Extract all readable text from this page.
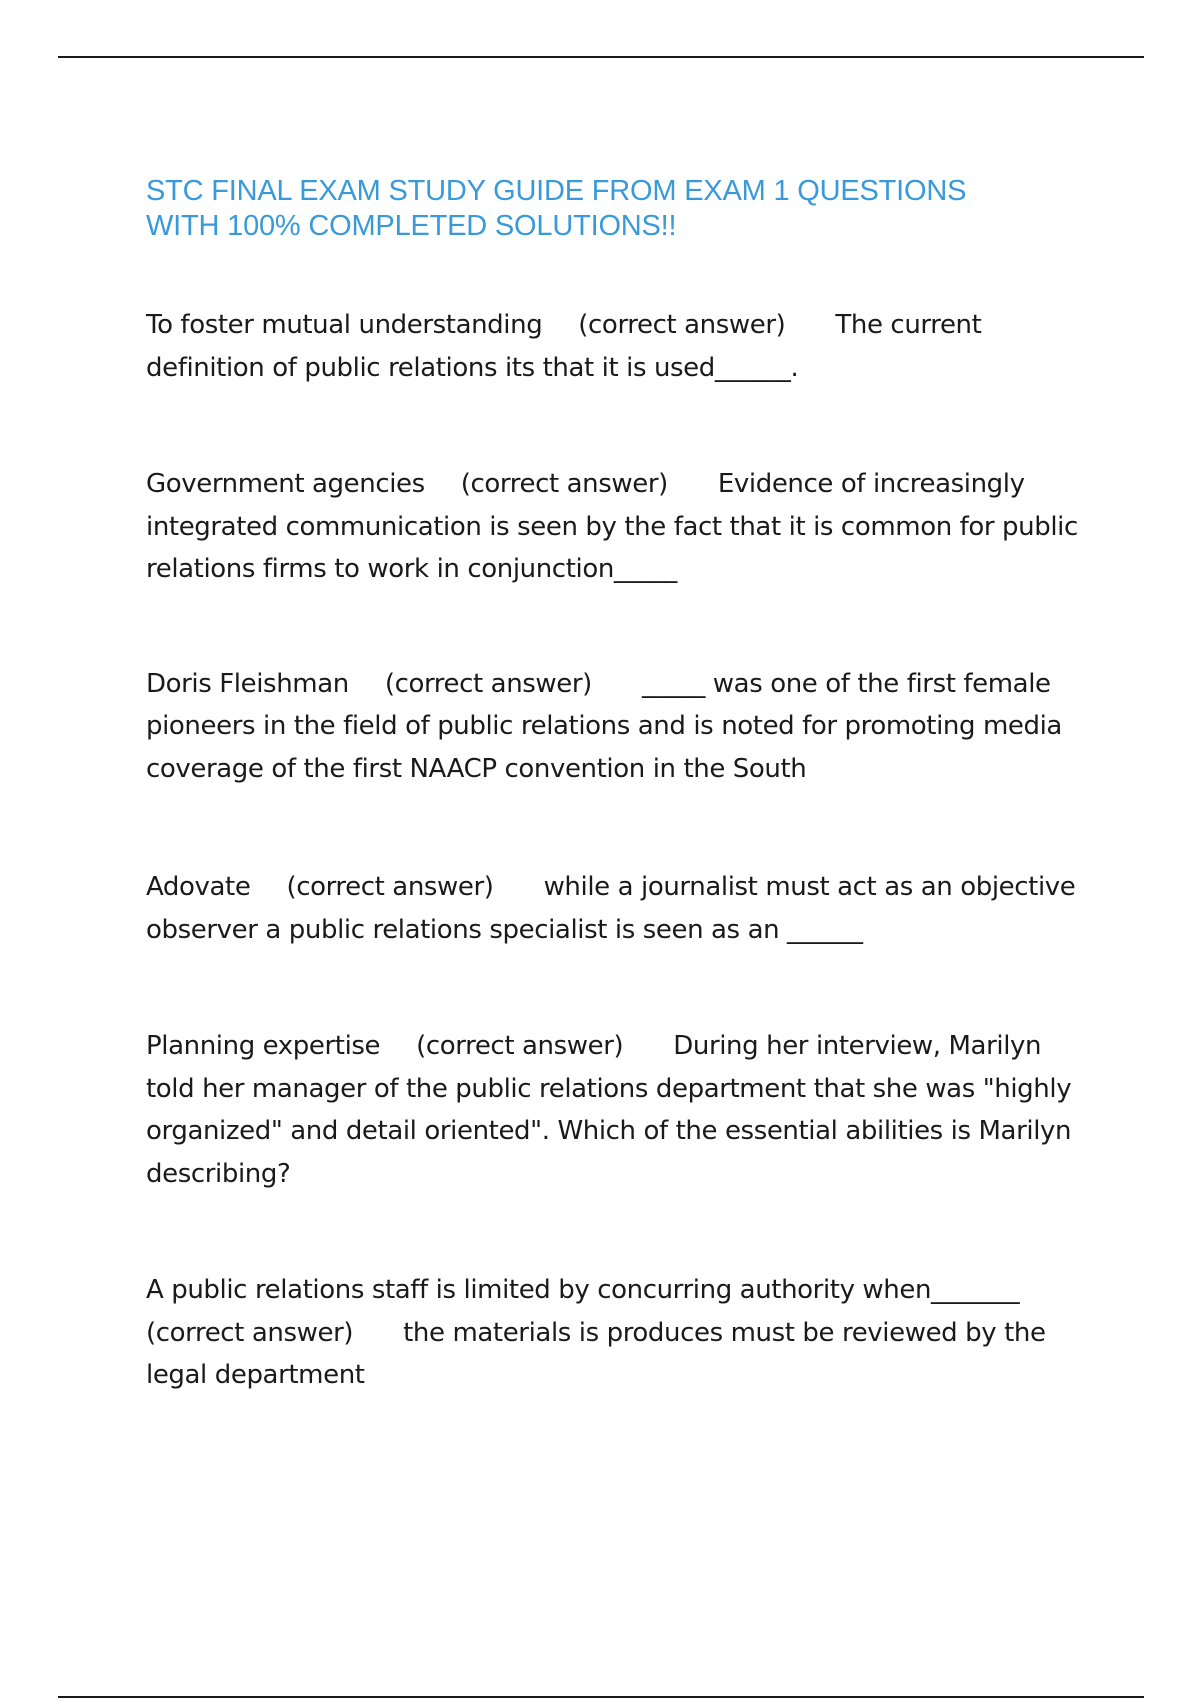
STC FINAL EXAM STUDY GUIDE FROM EXAM 1 QUESTIONS
WITH 100% COMPLETED SOLUTIONS!!
To foster mutual understanding (correct answer) The current definition of public relations its that it is used______.
Government agencies (correct answer) Evidence of increasingly integrated communication is seen by the fact that it is common for public relations firms to work in conjunction_____
Doris Fleishman (correct answer) _____ was one of the first female pioneers in the field of public relations and is noted for promoting media coverage of the first NAACP convention in the South
Adovate (correct answer) while a journalist must act as an objective observer a public relations specialist is seen as an ______
Planning expertise (correct answer) During her interview, Marilyn told her manager of the public relations department that she was "highly organized" and detail oriented". Which of the essential abilities is Marilyn describing?
A public relations staff is limited by concurring authority when_______(correct answer) the materials is produces must be reviewed by the legal department
